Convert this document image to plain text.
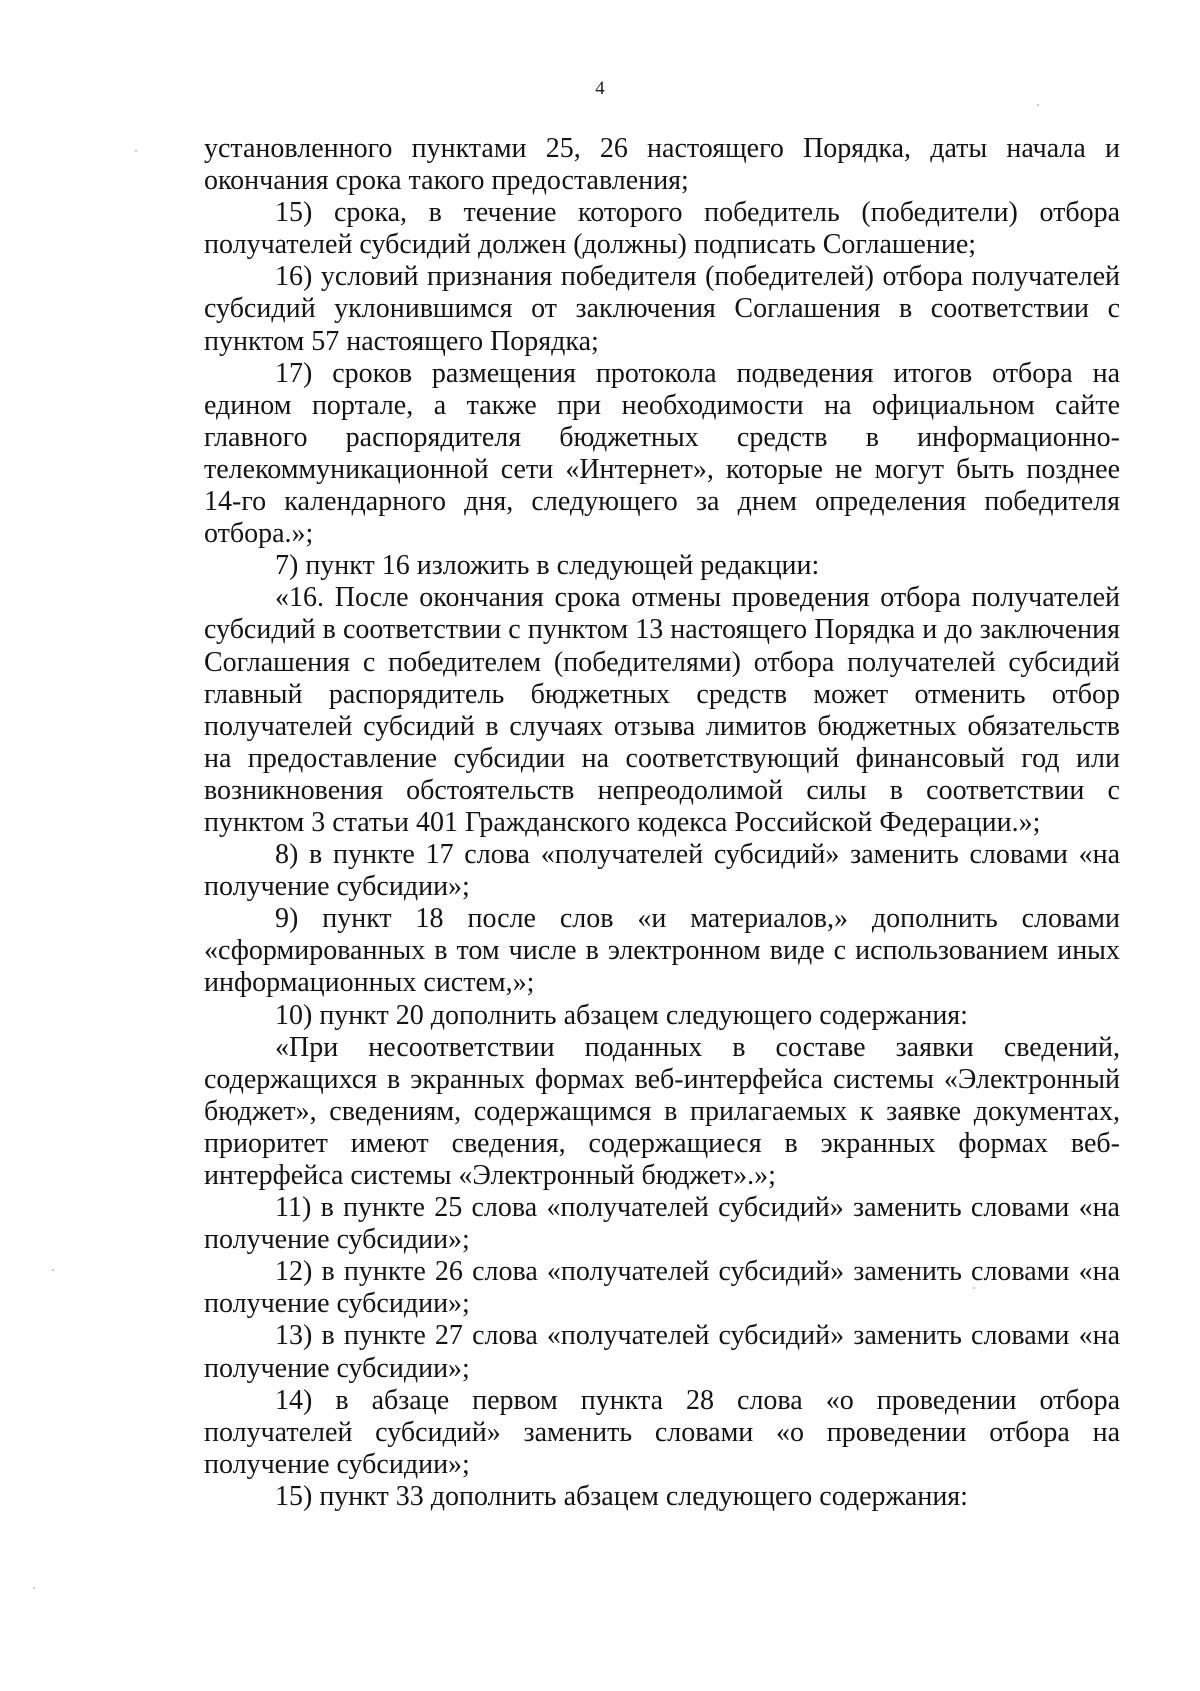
4

установленного пунктами 25, 26 настоящего Порядка, даты начала и окончания срока такого предоставления;

15) срока, в течение которого победитель (победители) отбора получателей субсидий должен (должны) подписать Соглашение;

16) условий признания победителя (победителей) отбора получателей субсидий уклонившимся от заключения Соглашения в соответствии с пунктом 57 настоящего Порядка;

17) сроков размещения протокола подведения итогов отбора на едином портале, а также при необходимости на официальном сайте главного распорядителя бюджетных средств в информационно-телекоммуникационной сети «Интернет», которые не могут быть позднее 14-го календарного дня, следующего за днем определения победителя отбора.»;

7) пункт 16 изложить в следующей редакции:

«16. После окончания срока отмены проведения отбора получателей субсидий в соответствии с пунктом 13 настоящего Порядка и до заключения Соглашения с победителем (победителями) отбора получателей субсидий главный распорядитель бюджетных средств может отменить отбор получателей субсидий в случаях отзыва лимитов бюджетных обязательств на предоставление субсидии на соответствующий финансовый год или возникновения обстоятельств непреодолимой силы в соответствии с пунктом 3 статьи 401 Гражданского кодекса Российской Федерации.»;

8) в пункте 17 слова «получателей субсидий» заменить словами «на получение субсидии»;

9) пункт 18 после слов «и материалов,» дополнить словами «сформированных в том числе в электронном виде с использованием иных информационных систем,»;

10) пункт 20 дополнить абзацем следующего содержания:

«При несоответствии поданных в составе заявки сведений, содержащихся в экранных формах веб-интерфейса системы «Электронный бюджет», сведениям, содержащимся в прилагаемых к заявке документах, приоритет имеют сведения, содержащиеся в экранных формах веб-интерфейса системы «Электронный бюджет».»;

11) в пункте 25 слова «получателей субсидий» заменить словами «на получение субсидии»;

12) в пункте 26 слова «получателей субсидий» заменить словами «на получение субсидии»;

13) в пункте 27 слова «получателей субсидий» заменить словами «на получение субсидии»;

14) в абзаце первом пункта 28 слова «о проведении отбора получателей субсидий» заменить словами «о проведении отбора на получение субсидии»;

15) пункт 33 дополнить абзацем следующего содержания:
